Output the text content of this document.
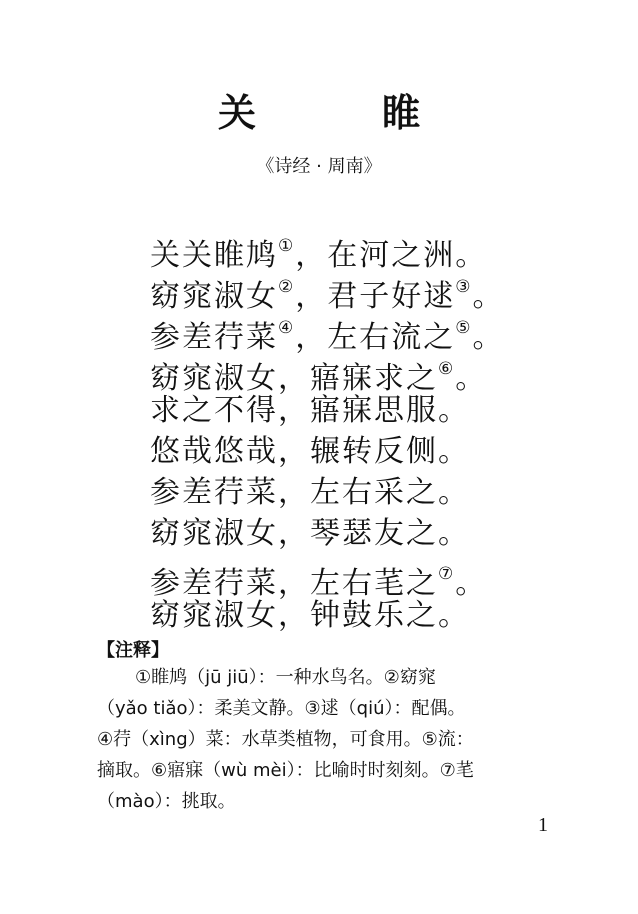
关　睢
《诗经 · 周南》
关关睢鸠①，在河之洲。
窈窕淑女②，君子好逑③。
参差荇菜④，左右流之⑤。
窈窕淑女，寤寐求之⑥。
求之不得，寤寐思服。
悠哉悠哉，辗转反侧。
参差荇菜，左右采之。
窈窕淑女，琴瑟友之。
参差荇菜，左右芼之⑦。
窈窕淑女，钟鼓乐之。
【注释】
①睢鸠（jū jiū）：一种水鸟名。②窈窕
（yǎo tiǎo）：柔美文静。③逑（qiú）：配偶。
④荇（xìng）菜：水草类植物，可食用。⑤流：
摘取。⑥寤寐（wù mèi）：比喻时时刻刻。⑦芼
（mào）：挑取。
1
